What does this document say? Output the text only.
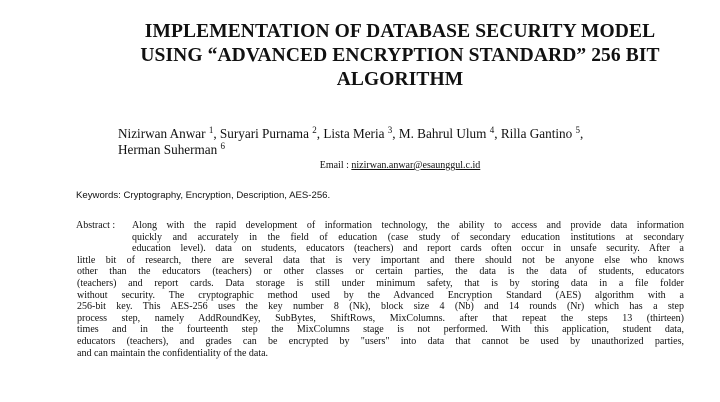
IMPLEMENTATION OF DATABASE SECURITY MODEL
USING “ADVANCED ENCRYPTION STANDARD” 256 BIT
ALGORITHM
Nizirwan Anwar $^1$, Suryari Purnama $^2$, Lista Meria $^3$, M. Bahrul Ulum $^4$, Rilla Gantino $^5$,
Herman Suherman $^6$
Email : nizirwan.anwar@esaunggul.c.id
Keywords: Cryptography, Encryption, Description, AES-256.
Abstract : Along with the rapid development of information technology, the ability to access and provide data information
quickly and accurately in the field of education (case study of secondary education institutions at secondary
education level). data on students, educators (teachers) and report cards often occur in unsafe security. After a
little bit of research, there are several data that is very important and there should not be anyone else who knows
other than the educators (teachers) or other classes or certain parties, the data is the data of students, educators
(teachers) and report cards. Data storage is still under minimum safety, that is by storing data in a file folder
without security. The cryptographic method used by the Advanced Encryption Standard (AES) algorithm with a
256-bit key. This AES-256 uses the key number 8 (Nk), block size 4 (Nb) and 14 rounds (Nr) which has a step
process step, namely AddRoundKey, SubBytes, ShiftRows, MixColumns. after that repeat the steps 13 (thirteen)
times and in the fourteenth step the MixColumns stage is not performed. With this application, student data,
educators (teachers), and grades can be encrypted by "users" into data that cannot be used by unauthorized parties,
and can maintain the confidentiality of the data.
